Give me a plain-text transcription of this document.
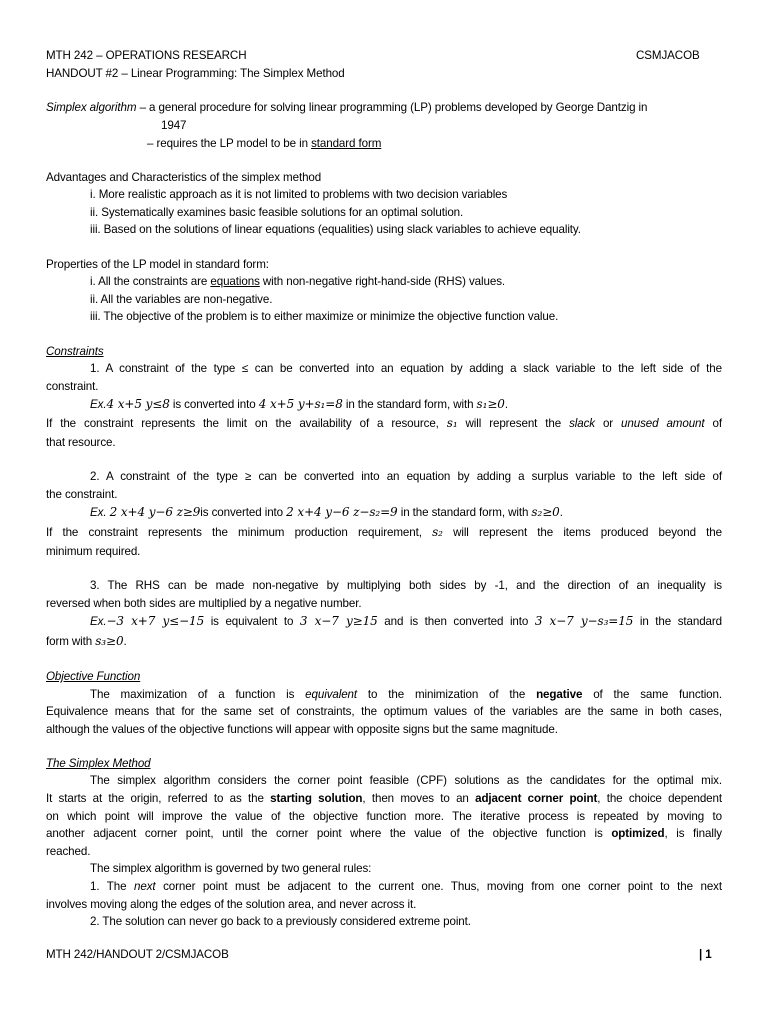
MTH 242 – OPERATIONS RESEARCH	CSMJACOB
HANDOUT #2 – Linear Programming: The Simplex Method
Simplex algorithm – a general procedure for solving linear programming (LP) problems developed by George Dantzig in
1947
– requires the LP model to be in standard form
Advantages and Characteristics of the simplex method
i. More realistic approach as it is not limited to problems with two decision variables
ii. Systematically examines basic feasible solutions for an optimal solution.
iii. Based on the solutions of linear equations (equalities) using slack variables to achieve equality.
Properties of the LP model in standard form:
i. All the constraints are equations with non-negative right-hand-side (RHS) values.
ii. All the variables are non-negative.
iii. The objective of the problem is to either maximize or minimize the objective function value.
Constraints
1. A constraint of the type ≤ can be converted into an equation by adding a slack variable to the left side of the
constraint.
Ex.4 x+5 y≤8 is converted into 4 x+5 y+s₁=8 in the standard form, with s₁≥0.
If the constraint represents the limit on the availability of a resource, s₁ will represent the slack or unused amount of
that resource.
2. A constraint of the type ≥ can be converted into an equation by adding a surplus variable to the left side of
the constraint.
Ex. 2 x+4 y−6 z≥9is converted into 2 x+4 y−6 z−s₂=9 in the standard form, with s₂≥0.
If the constraint represents the minimum production requirement, s₂ will represent the items produced beyond the
minimum required.
3. The RHS can be made non-negative by multiplying both sides by -1, and the direction of an inequality is
reversed when both sides are multiplied by a negative number.
Ex.−3 x+7 y≤−15 is equivalent to 3 x−7 y≥15 and is then converted into 3 x−7 y−s₃=15 in the standard
form with s₃≥0.
Objective Function
The maximization of a function is equivalent to the minimization of the negative of the same function.
Equivalence means that for the same set of constraints, the optimum values of the variables are the same in both cases,
although the values of the objective functions will appear with opposite signs but the same magnitude.
The Simplex Method
The simplex algorithm considers the corner point feasible (CPF) solutions as the candidates for the optimal mix.
It starts at the origin, referred to as the starting solution, then moves to an adjacent corner point, the choice dependent
on which point will improve the value of the objective function more. The iterative process is repeated by moving to
another adjacent corner point, until the corner point where the value of the objective function is optimized, is finally
reached.
The simplex algorithm is governed by two general rules:
1. The next corner point must be adjacent to the current one. Thus, moving from one corner point to the next
involves moving along the edges of the solution area, and never across it.
2. The solution can never go back to a previously considered extreme point.
MTH 242/HANDOUT 2/CSMJACOB	| 1
